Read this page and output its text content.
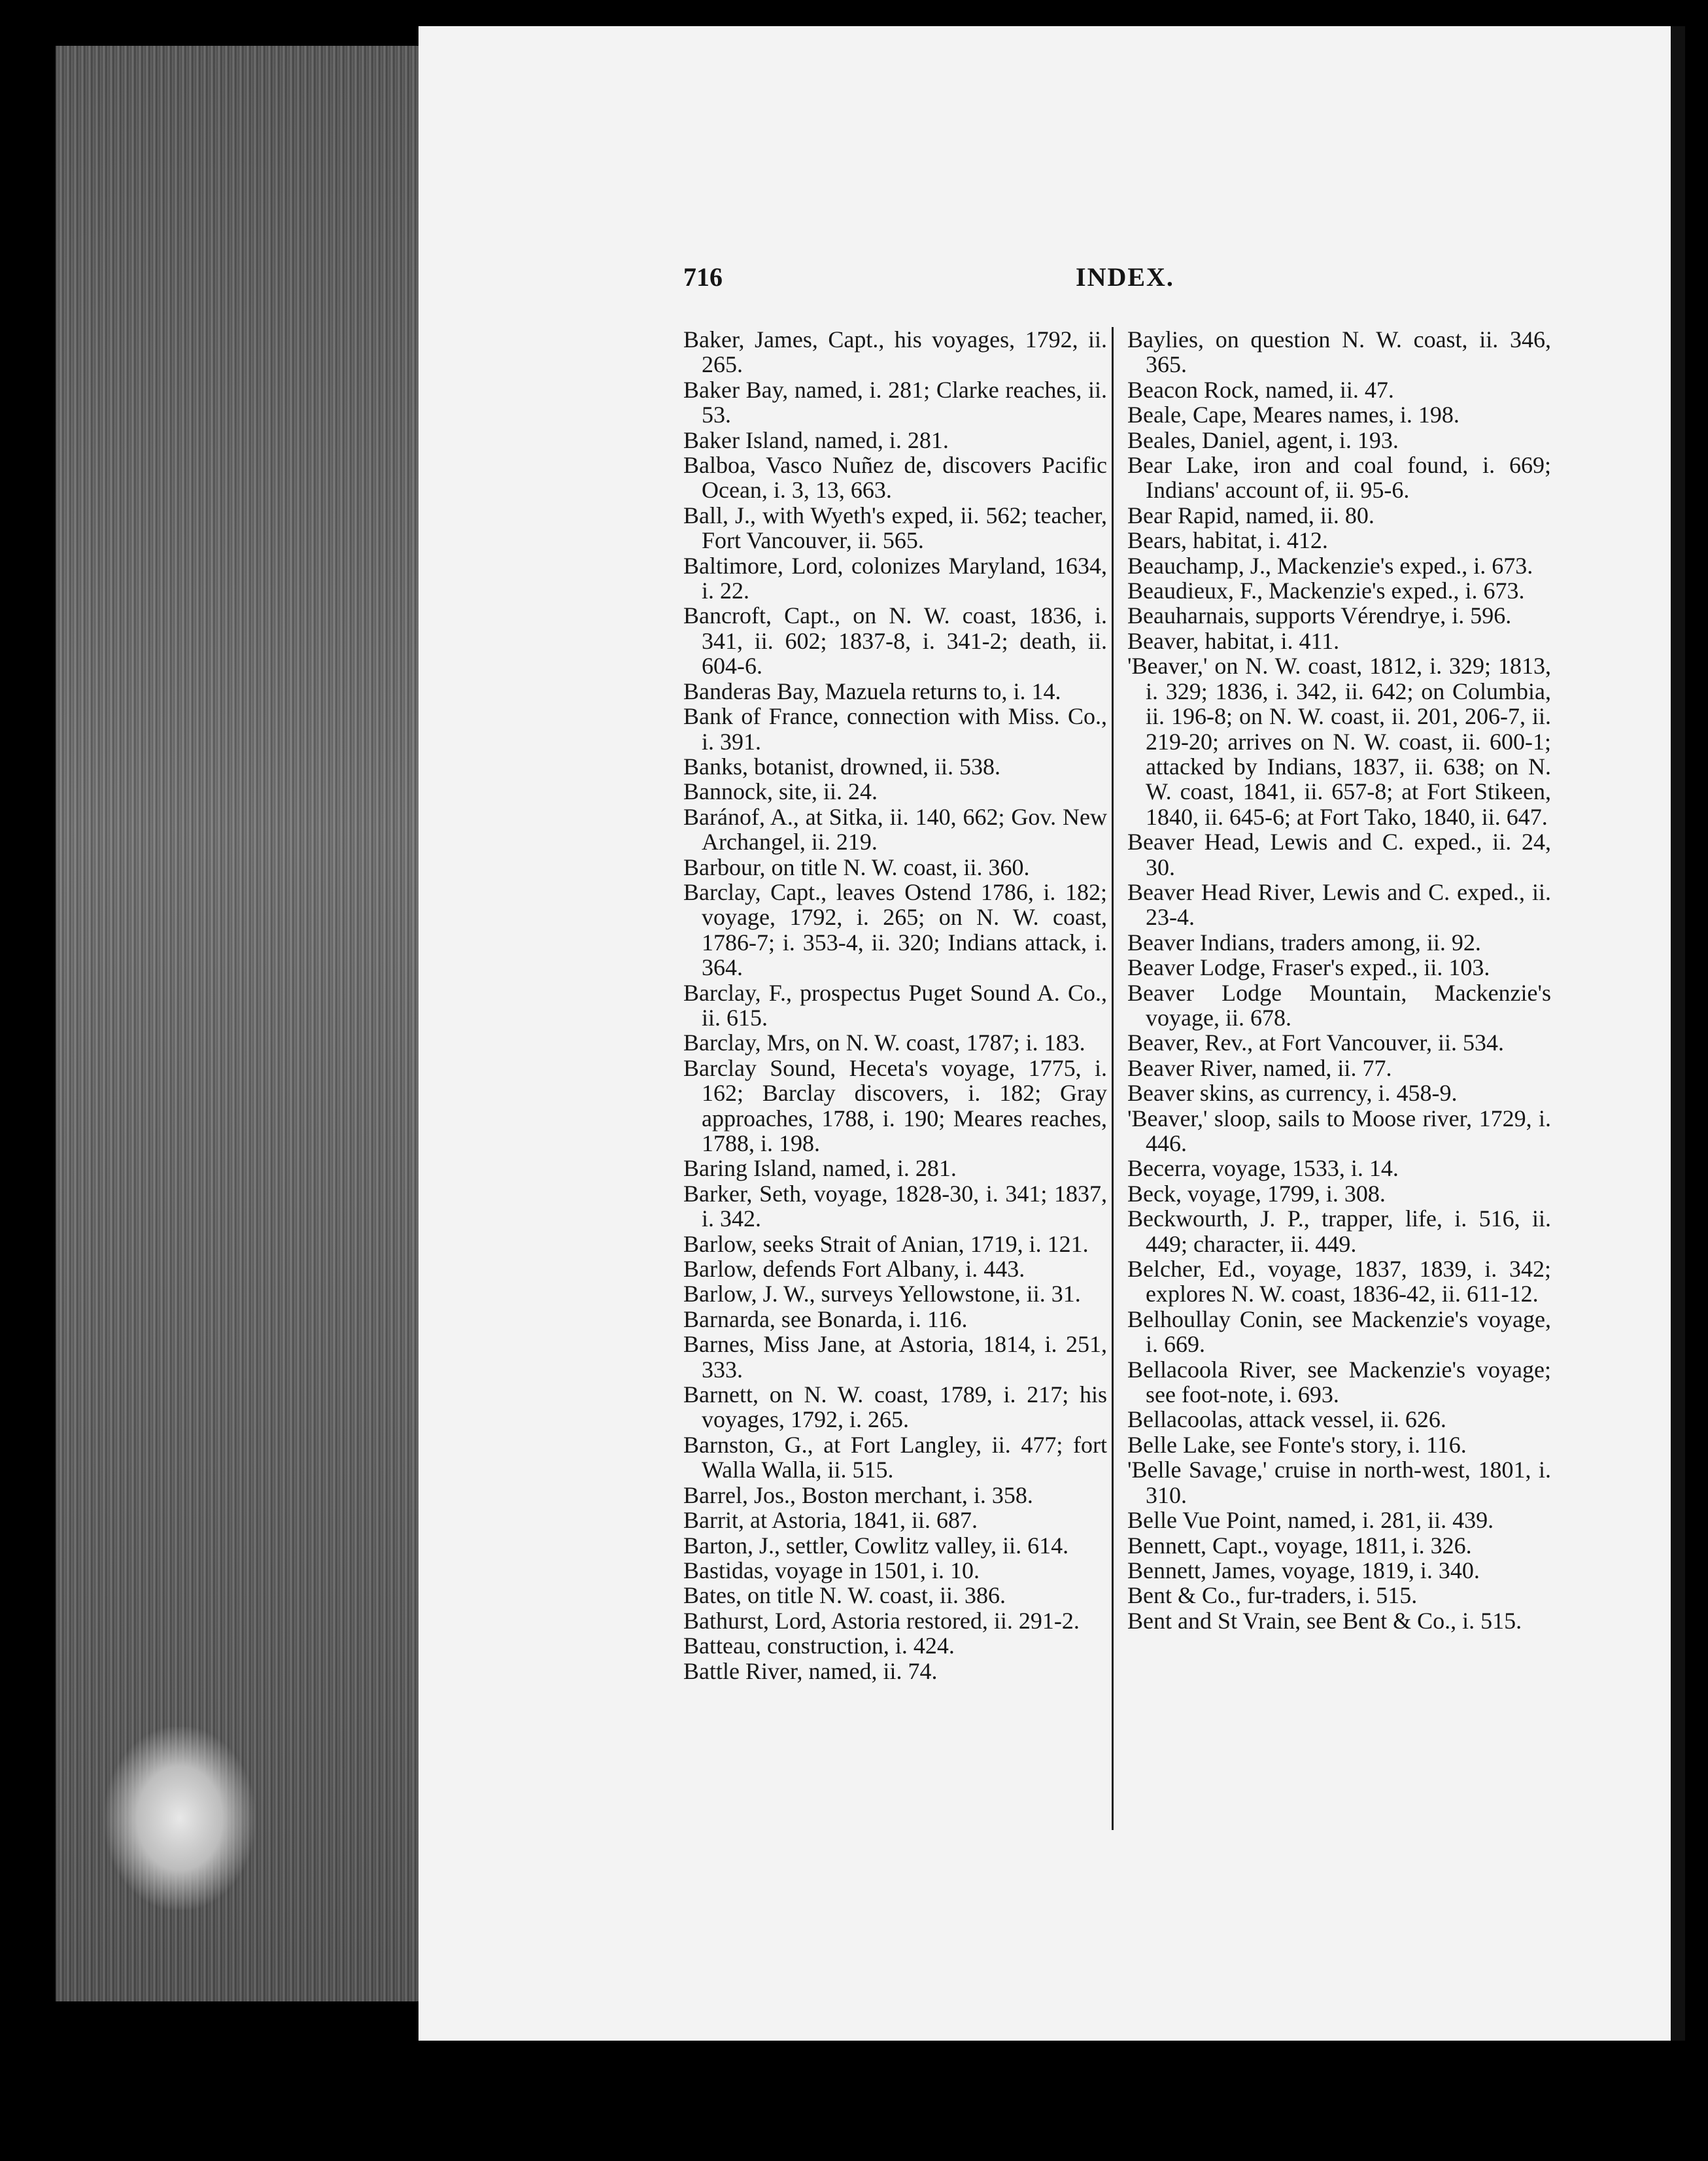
716	INDEX.

Baker, James, Capt., his voyages, 1792, ii. 265.

Baker Bay, named, i. 281; Clarke reaches, ii. 53.

Baker Island, named, i. 281.

Balboa, Vasco Nuñez de, discovers Pacific Ocean, i. 3, 13, 663.

Ball, J., with Wyeth's exped, ii. 562; teacher, Fort Vancouver, ii. 565.

Baltimore, Lord, colonizes Maryland, 1634, i. 22.

Bancroft, Capt., on N. W. coast, 1836, i. 341, ii. 602; 1837-8, i. 341-2; death, ii. 604-6.

Banderas Bay, Mazuela returns to, i. 14.

Bank of France, connection with Miss. Co., i. 391.

Banks, botanist, drowned, ii. 538.

Bannock, site, ii. 24.

Baránof, A., at Sitka, ii. 140, 662; Gov. New Archangel, ii. 219.

Barbour, on title N. W. coast, ii. 360.

Barclay, Capt., leaves Ostend 1786, i. 182; voyage, 1792, i. 265; on N. W. coast, 1786-7; i. 353-4, ii. 320; Indians attack, i. 364.

Barclay, F., prospectus Puget Sound A. Co., ii. 615.

Barclay, Mrs, on N. W. coast, 1787; i. 183.

Barclay Sound, Heceta's voyage, 1775, i. 162; Barclay discovers, i. 182; Gray approaches, 1788, i. 190; Meares reaches, 1788, i. 198.

Baring Island, named, i. 281.

Barker, Seth, voyage, 1828-30, i. 341; 1837, i. 342.

Barlow, seeks Strait of Anian, 1719, i. 121.

Barlow, defends Fort Albany, i. 443.

Barlow, J. W., surveys Yellowstone, ii. 31.

Barnarda, see Bonarda, i. 116.

Barnes, Miss Jane, at Astoria, 1814, i. 251, 333.

Barnett, on N. W. coast, 1789, i. 217; his voyages, 1792, i. 265.

Barnston, G., at Fort Langley, ii. 477; fort Walla Walla, ii. 515.

Barrel, Jos., Boston merchant, i. 358.

Barrit, at Astoria, 1841, ii. 687.

Barton, J., settler, Cowlitz valley, ii. 614.

Bastidas, voyage in 1501, i. 10.

Bates, on title N. W. coast, ii. 386.

Bathurst, Lord, Astoria restored, ii. 291-2.

Batteau, construction, i. 424.

Battle River, named, ii. 74.

Baylies, on question N. W. coast, ii. 346, 365.

Beacon Rock, named, ii. 47.

Beale, Cape, Meares names, i. 198.

Beales, Daniel, agent, i. 193.

Bear Lake, iron and coal found, i. 669; Indians' account of, ii. 95-6.

Bear Rapid, named, ii. 80.

Bears, habitat, i. 412.

Beauchamp, J., Mackenzie's exped., i. 673.

Beaudieux, F., Mackenzie's exped., i. 673.

Beauharnais, supports Vérendrye, i. 596.

Beaver, habitat, i. 411.

'Beaver,' on N. W. coast, 1812, i. 329; 1813, i. 329; 1836, i. 342, ii. 642; on Columbia, ii. 196-8; on N. W. coast, ii. 201, 206-7, ii. 219-20; arrives on N. W. coast, ii. 600-1; attacked by Indians, 1837, ii. 638; on N. W. coast, 1841, ii. 657-8; at Fort Stikeen, 1840, ii. 645-6; at Fort Tako, 1840, ii. 647.

Beaver Head, Lewis and C. exped., ii. 24, 30.

Beaver Head River, Lewis and C. exped., ii. 23-4.

Beaver Indians, traders among, ii. 92.

Beaver Lodge, Fraser's exped., ii. 103.

Beaver Lodge Mountain, Mackenzie's voyage, ii. 678.

Beaver, Rev., at Fort Vancouver, ii. 534.

Beaver River, named, ii. 77.

Beaver skins, as currency, i. 458-9.

'Beaver,' sloop, sails to Moose river, 1729, i. 446.

Becerra, voyage, 1533, i. 14.

Beck, voyage, 1799, i. 308.

Beckwourth, J. P., trapper, life, i. 516, ii. 449; character, ii. 449.

Belcher, Ed., voyage, 1837, 1839, i. 342; explores N. W. coast, 1836-42, ii. 611-12.

Belhoullay Conin, see Mackenzie's voyage, i. 669.

Bellacoola River, see Mackenzie's voyage; see foot-note, i. 693.

Bellacoolas, attack vessel, ii. 626.

Belle Lake, see Fonte's story, i. 116.

'Belle Savage,' cruise in north-west, 1801, i. 310.

Belle Vue Point, named, i. 281, ii. 439.

Bennett, Capt., voyage, 1811, i. 326.

Bennett, James, voyage, 1819, i. 340.

Bent & Co., fur-traders, i. 515.

Bent and St Vrain, see Bent & Co., i. 515.
